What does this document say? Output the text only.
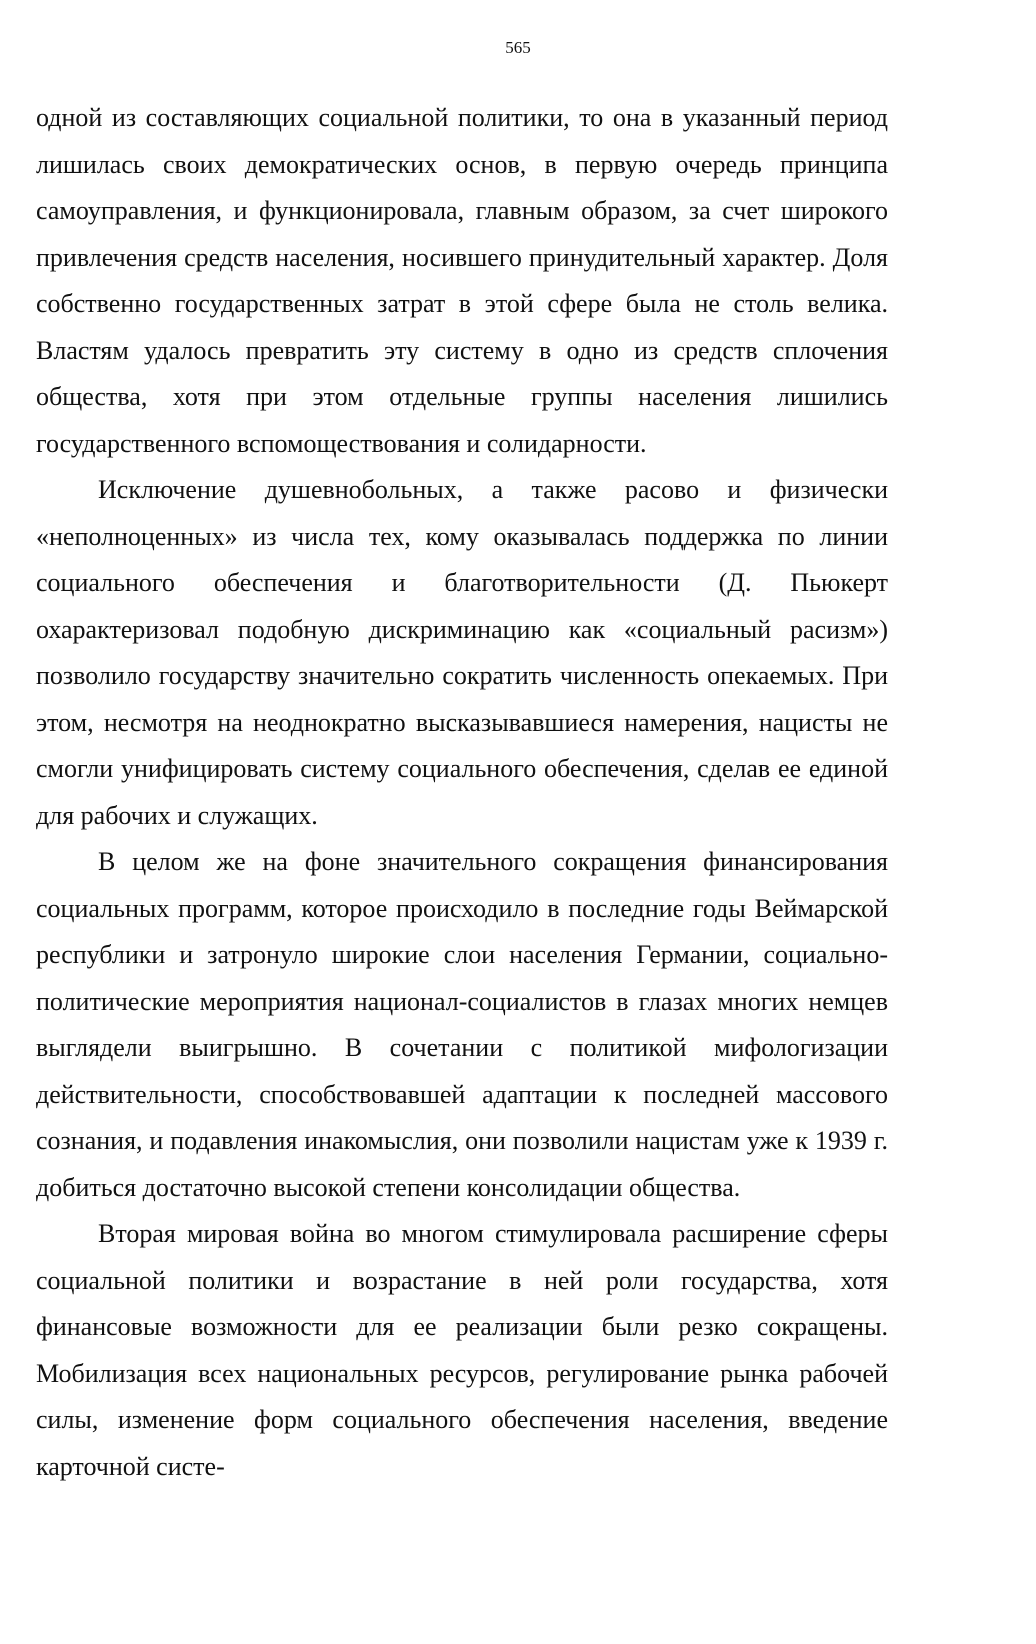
565

одной из составляющих социальной политики, то она в указанный период лишилась своих демократических основ, в первую очередь принципа самоуправления, и функционировала, главным образом, за счет широкого привлечения средств населения, носившего принудительный характер. Доля собственно государственных затрат в этой сфере была не столь велика. Властям удалось превратить эту систему в одно из средств сплочения общества, хотя при этом отдельные группы населения лишились государственного вспомоществования и солидарности.

Исключение душевнобольных, а также расово и физически «неполноценных» из числа тех, кому оказывалась поддержка по линии социального обеспечения и благотворительности (Д. Пьюкерт охарактеризовал подобную дискриминацию как «социальный расизм») позволило государству значительно сократить численность опекаемых. При этом, несмотря на неоднократно высказывавшиеся намерения, нацисты не смогли унифицировать систему социального обеспечения, сделав ее единой для рабочих и служащих.

В целом же на фоне значительного сокращения финансирования социальных программ, которое происходило в последние годы Веймарской республики и затронуло широкие слои населения Германии, социально-политические мероприятия национал-социалистов в глазах многих немцев выглядели выигрышно. В сочетании с политикой мифологизации действительности, способствовавшей адаптации к последней массового сознания, и подавления инакомыслия, они позволили нацистам уже к 1939 г. добиться достаточно высокой степени консолидации общества.

Вторая мировая война во многом стимулировала расширение сферы социальной политики и возрастание в ней роли государства, хотя финансовые возможности для ее реализации были резко сокращены. Мобилизация всех национальных ресурсов, регулирование рынка рабочей силы, изменение форм социального обеспечения населения, введение карточной систе-
